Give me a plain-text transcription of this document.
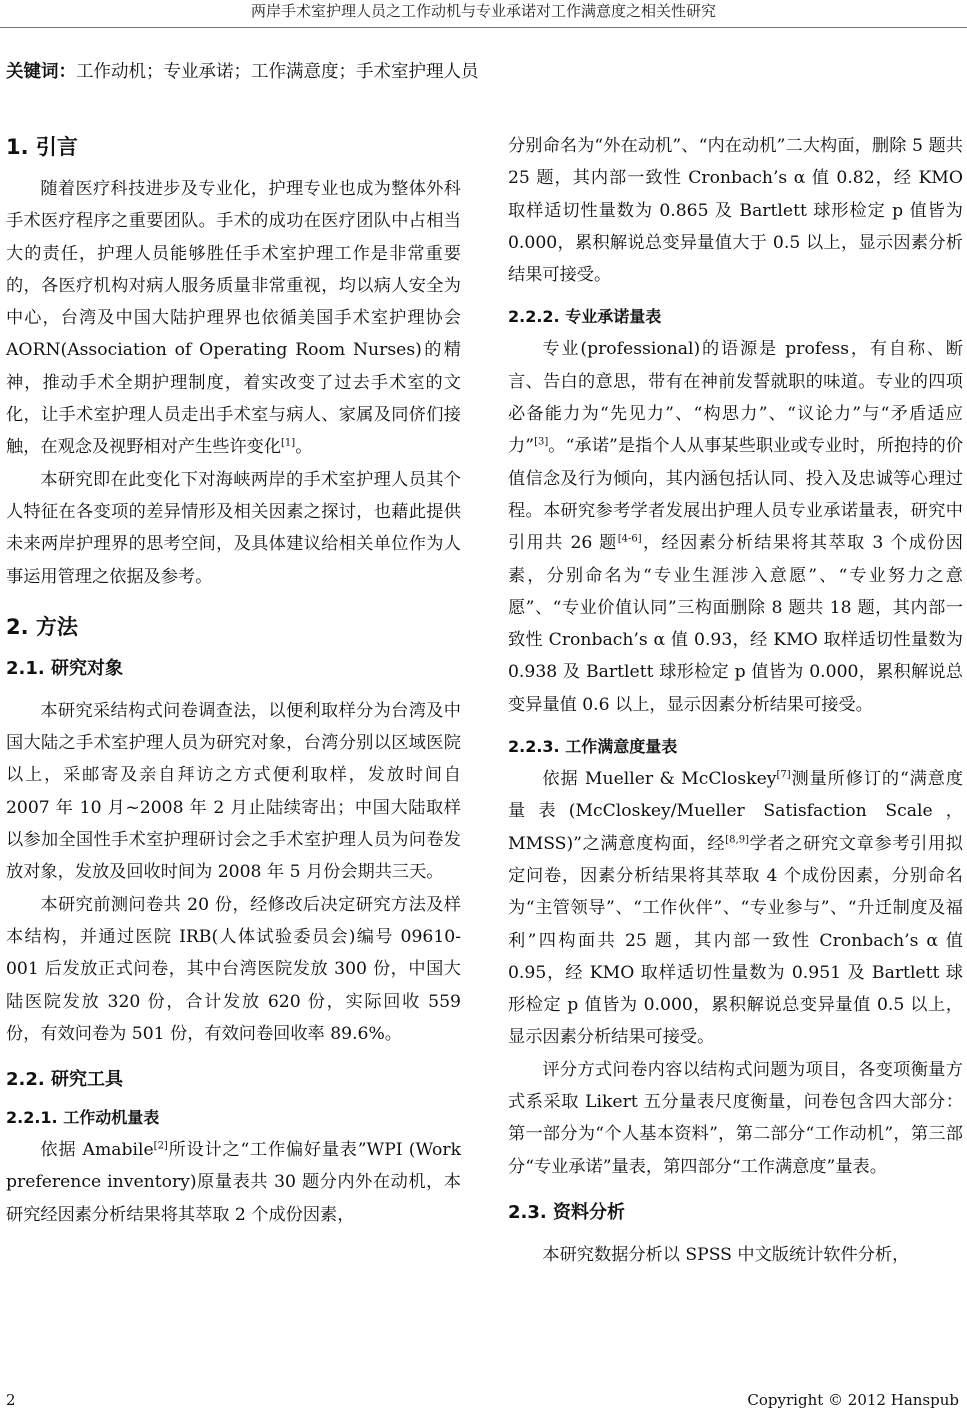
两岸手术室护理人员之工作动机与专业承诺对工作满意度之相关性研究
关键词：工作动机；专业承诺；工作满意度；手术室护理人员
1. 引言

随着医疗科技进步及专业化，护理专业也成为整体外科手术医疗程序之重要团队。手术的成功在医疗团队中占相当大的责任，护理人员能够胜任手术室护理工作是非常重要的，各医疗机构对病人服务质量非常重视，均以病人安全为中心，台湾及中国大陆护理界也依循美国手术室护理协会 AORN(Association of Operating Room Nurses)的精神，推动手术全期护理制度，着实改变了过去手术室的文化，让手术室护理人员走出手术室与病人、家属及同侪们接触，在观念及视野相对产生些许变化[1]。

本研究即在此变化下对海峡两岸的手术室护理人员其个人特征在各变项的差异情形及相关因素之探讨，也藉此提供未来两岸护理界的思考空间，及具体建议给相关单位作为人事运用管理之依据及参考。

2. 方法
2.1. 研究对象

本研究采结构式问卷调查法，以便利取样分为台湾及中国大陆之手术室护理人员为研究对象，台湾分别以区域医院以上，采邮寄及亲自拜访之方式便利取样，发放时间自 2007 年 10 月~2008 年 2 月止陆续寄出；中国大陆取样以参加全国性手术室护理研讨会之手术室护理人员为问卷发放对象，发放及回收时间为 2008 年 5 月份会期共三天。

本研究前测问卷共 20 份，经修改后决定研究方法及样本结构，并通过医院 IRB(人体试验委员会)编号 09610-001 后发放正式问卷，其中台湾医院发放 300 份，中国大陆医院发放 320 份，合计发放 620 份，实际回收 559 份，有效问卷为 501 份，有效问卷回收率 89.6%。

2.2. 研究工具
2.2.1. 工作动机量表

依据 Amabile[2]所设计之“工作偏好量表”WPI (Work preference inventory)原量表共 30 题分内外在动机，本研究经因素分析结果将其萃取 2 个成份因素，

分别命名为“外在动机”、“内在动机”二大构面，删除 5 题共 25 题，其内部一致性 Cronbach’s α 值 0.82，经 KMO 取样适切性量数为 0.865 及 Bartlett 球形检定 p 值皆为 0.000，累积解说总变异量值大于 0.5 以上，显示因素分析结果可接受。

2.2.2. 专业承诺量表

专业(professional)的语源是 profess，有自称、断言、告白的意思，带有在神前发誓就职的味道。专业的四项必备能力为“先见力”、“构思力”、“议论力”与“矛盾适应力”[3]。“承诺”是指个人从事某些职业或专业时，所抱持的价值信念及行为倾向，其内涵包括认同、投入及忠诚等心理过程。本研究参考学者发展出护理人员专业承诺量表，研究中引用共 26 题[4-6]，经因素分析结果将其萃取 3 个成份因素，分别命名为“专业生涯涉入意愿”、“专业努力之意愿”、“专业价值认同”三构面删除 8 题共 18 题，其内部一致性 Cronbach’s α 值 0.93，经 KMO 取样适切性量数为 0.938 及 Bartlett 球形检定 p 值皆为 0.000，累积解说总变异量值 0.6 以上，显示因素分析结果可接受。

2.2.3. 工作满意度量表

依据 Mueller & McCloskey[7]测量所修订的“满意度量表(McCloskey/Mueller Satisfaction Scale，MMSS)”之满意度构面，经[8,9]学者之研究文章参考引用拟定问卷，因素分析结果将其萃取 4 个成份因素，分别命名为“主管领导”、“工作伙伴”、“专业参与”、“升迁制度及福利”四构面共 25 题，其内部一致性 Cronbach’s α 值 0.95，经 KMO 取样适切性量数为 0.951 及 Bartlett 球形检定 p 值皆为 0.000，累积解说总变异量值 0.5 以上，显示因素分析结果可接受。

评分方式问卷内容以结构式问题为项目，各变项衡量方式系采取 Likert 五分量表尺度衡量，问卷包含四大部分：第一部分为“个人基本资料”，第二部分“工作动机”，第三部分“专业承诺”量表，第四部分“工作满意度”量表。

2.3. 资料分析

本研究数据分析以 SPSS 中文版统计软件分析，

2	Copyright © 2012 Hanspub
